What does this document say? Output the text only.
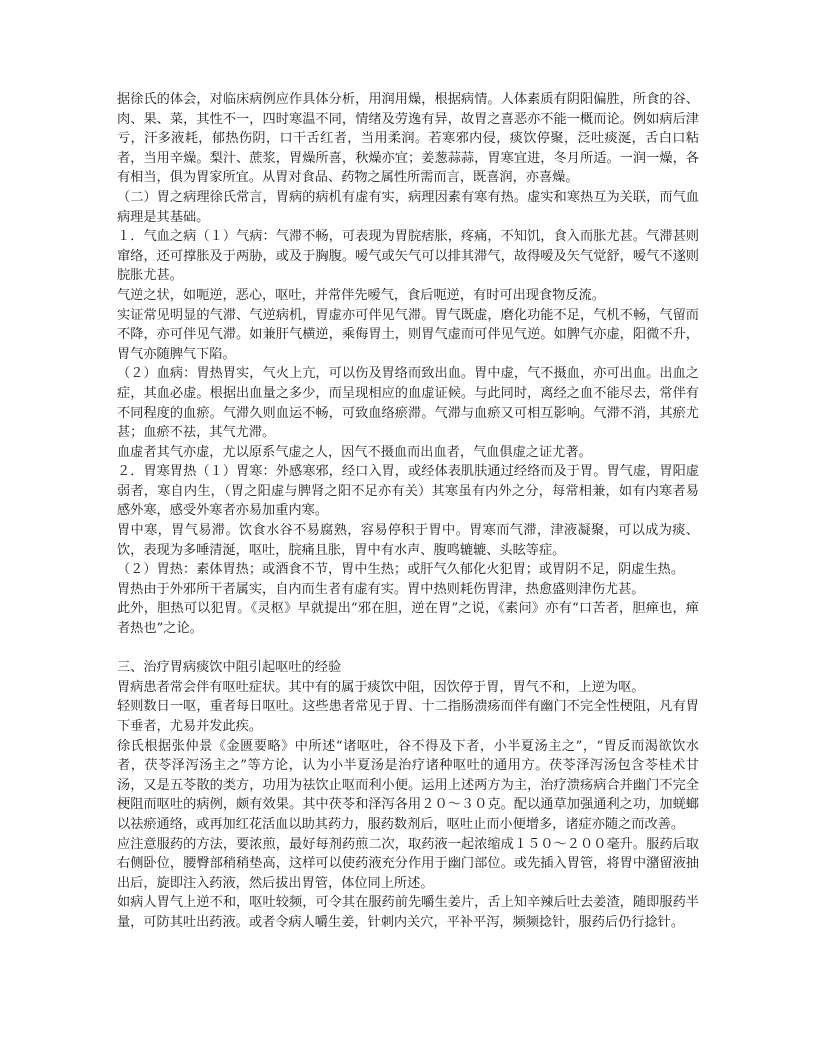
据徐氏的体会，对临床病例应作具体分析，用润用燥，根据病情。人体素质有阴阳偏胜，所食的谷、肉、果、菜，其性不一，四时寒温不同，情绪及劳逸有异，故胃之喜恶亦不能一概而论。例如病后津亏，汗多液耗，郁热伤阴，口干舌红者，当用柔润。若寒邪内侵，痰饮停聚，泛吐痰涎，舌白口粘者，当用辛燥。梨汁、蔗浆，胃燥所喜，秋燥亦宜；姜葱蒜蒜，胃寒宜进，冬月所适。一润一燥，各有相当，俱为胃家所宜。从胃对食品、药物之属性所需而言，既喜润，亦喜燥。

（二）胃之病理徐氏常言，胃病的病机有虚有实，病理因素有寒有热。虚实和寒热互为关联，而气血病理是其基础。

１．气血之病（１）气病：气滞不畅，可表现为胃脘痞胀，疼痛，不知饥，食入而胀尤甚。气滞甚则窜络，还可撑胀及于两胁，或及于胸腹。嗳气或矢气可以排其滞气，故得嗳及矢气觉舒，嗳气不遂则脘胀尤甚。

气逆之状，如呃逆，恶心，呕吐，并常伴先嗳气，食后呃逆，有时可出现食物反流。

实证常见明显的气滞、气逆病机，胃虚亦可伴见气滞。胃气既虚，磨化功能不足，气机不畅，气留而不降，亦可伴见气滞。如兼肝气横逆，乘侮胃土，则胃气虚而可伴见气逆。如脾气亦虚，阳微不升，胃气亦随脾气下陷。

（２）血病：胃热胃实，气火上亢，可以伤及胃络而致出血。胃中虚，气不摄血，亦可出血。出血之症，其血必虚。根据出血量之多少，而呈现相应的血虚证候。与此同时，离经之血不能尽去，常伴有不同程度的血瘀。气滞久则血运不畅，可致血络瘀滞。气滞与血瘀又可相互影响。气滞不消，其瘀尤甚；血瘀不祛，其气尤滞。

血虚者其气亦虚，尤以原系气虚之人，因气不摄血而出血者，气血俱虚之证尤著。

２．胃寒胃热（１）胃寒：外感寒邪，经口入胃，或经体表肌肤通过经络而及于胃。胃气虚，胃阳虚弱者，寒自内生，（胃之阳虚与脾肾之阳不足亦有关）其寒虽有内外之分，每常相兼，如有内寒者易感外寒，感受外寒者亦易加重内寒。

胃中寒，胃气易滞。饮食水谷不易腐熟，容易停积于胃中。胃寒而气滞，津液凝聚，可以成为痰、饮，表现为多唾清涎，呕吐，脘痛且胀，胃中有水声、腹鸣辘辘、头眩等症。

（２）胃热：素体胃热；或酒食不节，胃中生热；或肝气久郁化火犯胃；或胃阴不足，阴虚生热。

胃热由于外邪所干者属实，自内而生者有虚有实。胃中热则耗伤胃津，热愈盛则津伤尤甚。

此外，胆热可以犯胃。《灵枢》早就提出“邪在胆，逆在胃”之说，《素问》亦有“口苦者，胆瘅也，瘅者热也”之论。

三、治疗胃病痰饮中阻引起呕吐的经验

胃病患者常会伴有呕吐症状。其中有的属于痰饮中阻，因饮停于胃，胃气不和，上逆为呕。

轻则数日一呕，重者每日呕吐。这些患者常见于胃、十二指肠溃疡而伴有幽门不完全性梗阻，凡有胃下垂者，尤易并发此疾。

徐氏根据张仲景《金匮要略》中所述“诸呕吐，谷不得及下者，小半夏汤主之”，“胃反而渴欲饮水者，茯苓泽泻汤主之”等方论，认为小半夏汤是治疗诸种呕吐的通用方。茯苓泽泻汤包含苓桂术甘汤，又是五苓散的类方，功用为祛饮止呕而利小便。运用上述两方为主，治疗溃疡病合并幽门不完全梗阻而呕吐的病例，颇有效果。其中茯苓和泽泻各用２０～３０克。配以通草加强通利之功，加蜣螂以祛瘀通络，或再加红花活血以助其药力，服药数剂后，呕吐止而小便增多，诸症亦随之而改善。

应注意服药的方法，要浓煎，最好每剂药煎二次，取药液一起浓缩成１５０～２００毫升。服药后取右侧卧位，腰臀部稍稍垫高，这样可以使药液充分作用于幽门部位。或先插入胃管，将胃中潴留液抽出后，旋即注入药液，然后拔出胃管，体位同上所述。

如病人胃气上逆不和，呕吐较频，可令其在服药前先嚼生姜片，舌上知辛辣后吐去姜渣，随即服药半量，可防其吐出药液。或者令病人嚼生姜，针刺内关穴，平补平泻，频频捻针，服药后仍行捻针。
